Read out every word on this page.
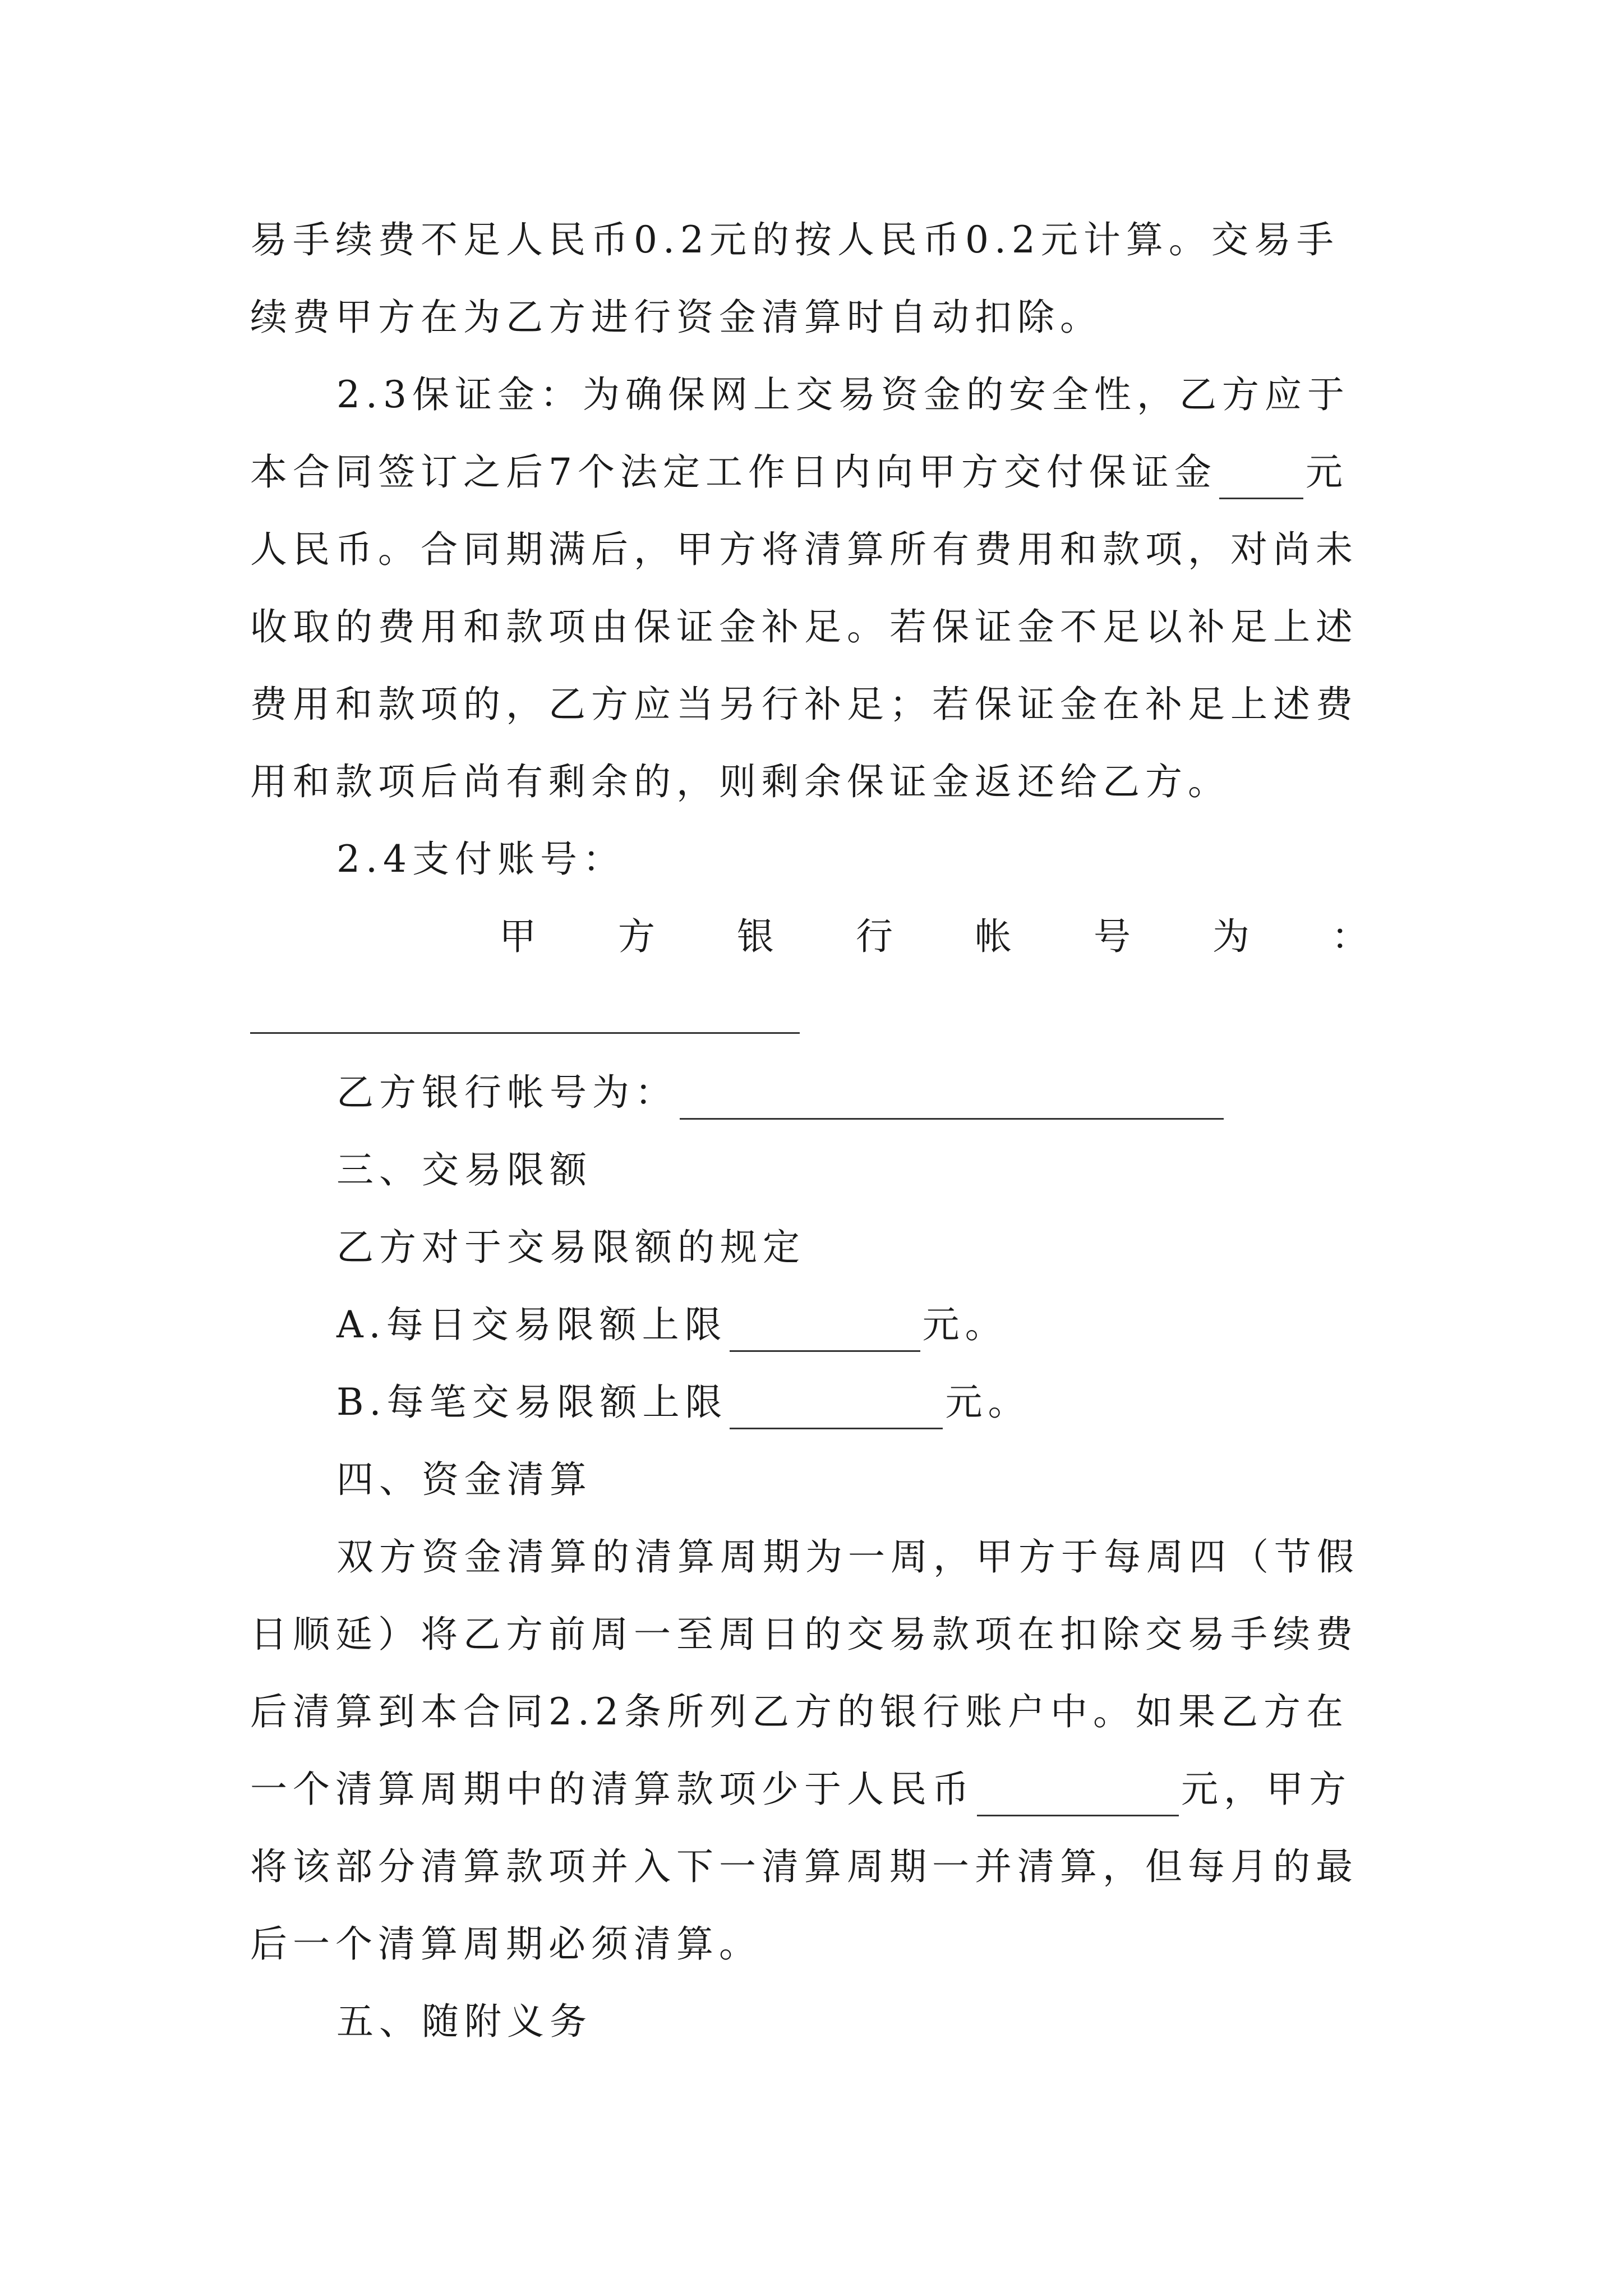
易手续费不足人民币0.2元的按人民币0.2元计算。交易手
续费甲方在为乙方进行资金清算时自动扣除。
2.3保证金：为确保网上交易资金的安全性，乙方应于
本合同签订之后7个法定工作日内向甲方交付保证金 元
人民币。合同期满后，甲方将清算所有费用和款项，对尚未
收取的费用和款项由保证金补足。若保证金不足以补足上述
费用和款项的，乙方应当另行补足；若保证金在补足上述费
用和款项后尚有剩余的，则剩余保证金返还给乙方。
2.4支付账号：
甲 方 银 行 帐 号 为 ：
乙方银行帐号为：
三、交易限额
乙方对于交易限额的规定
A.每日交易限额上限	元。
B.每笔交易限额上限	元。
四、资金清算
双方资金清算的清算周期为一周，甲方于每周四（节假
日顺延）将乙方前周一至周日的交易款项在扣除交易手续费
后清算到本合同2.2条所列乙方的银行账户中。如果乙方在
一个清算周期中的清算款项少于人民币	元，甲方
将该部分清算款项并入下一清算周期一并清算，但每月的最
后一个清算周期必须清算。
五、随附义务
